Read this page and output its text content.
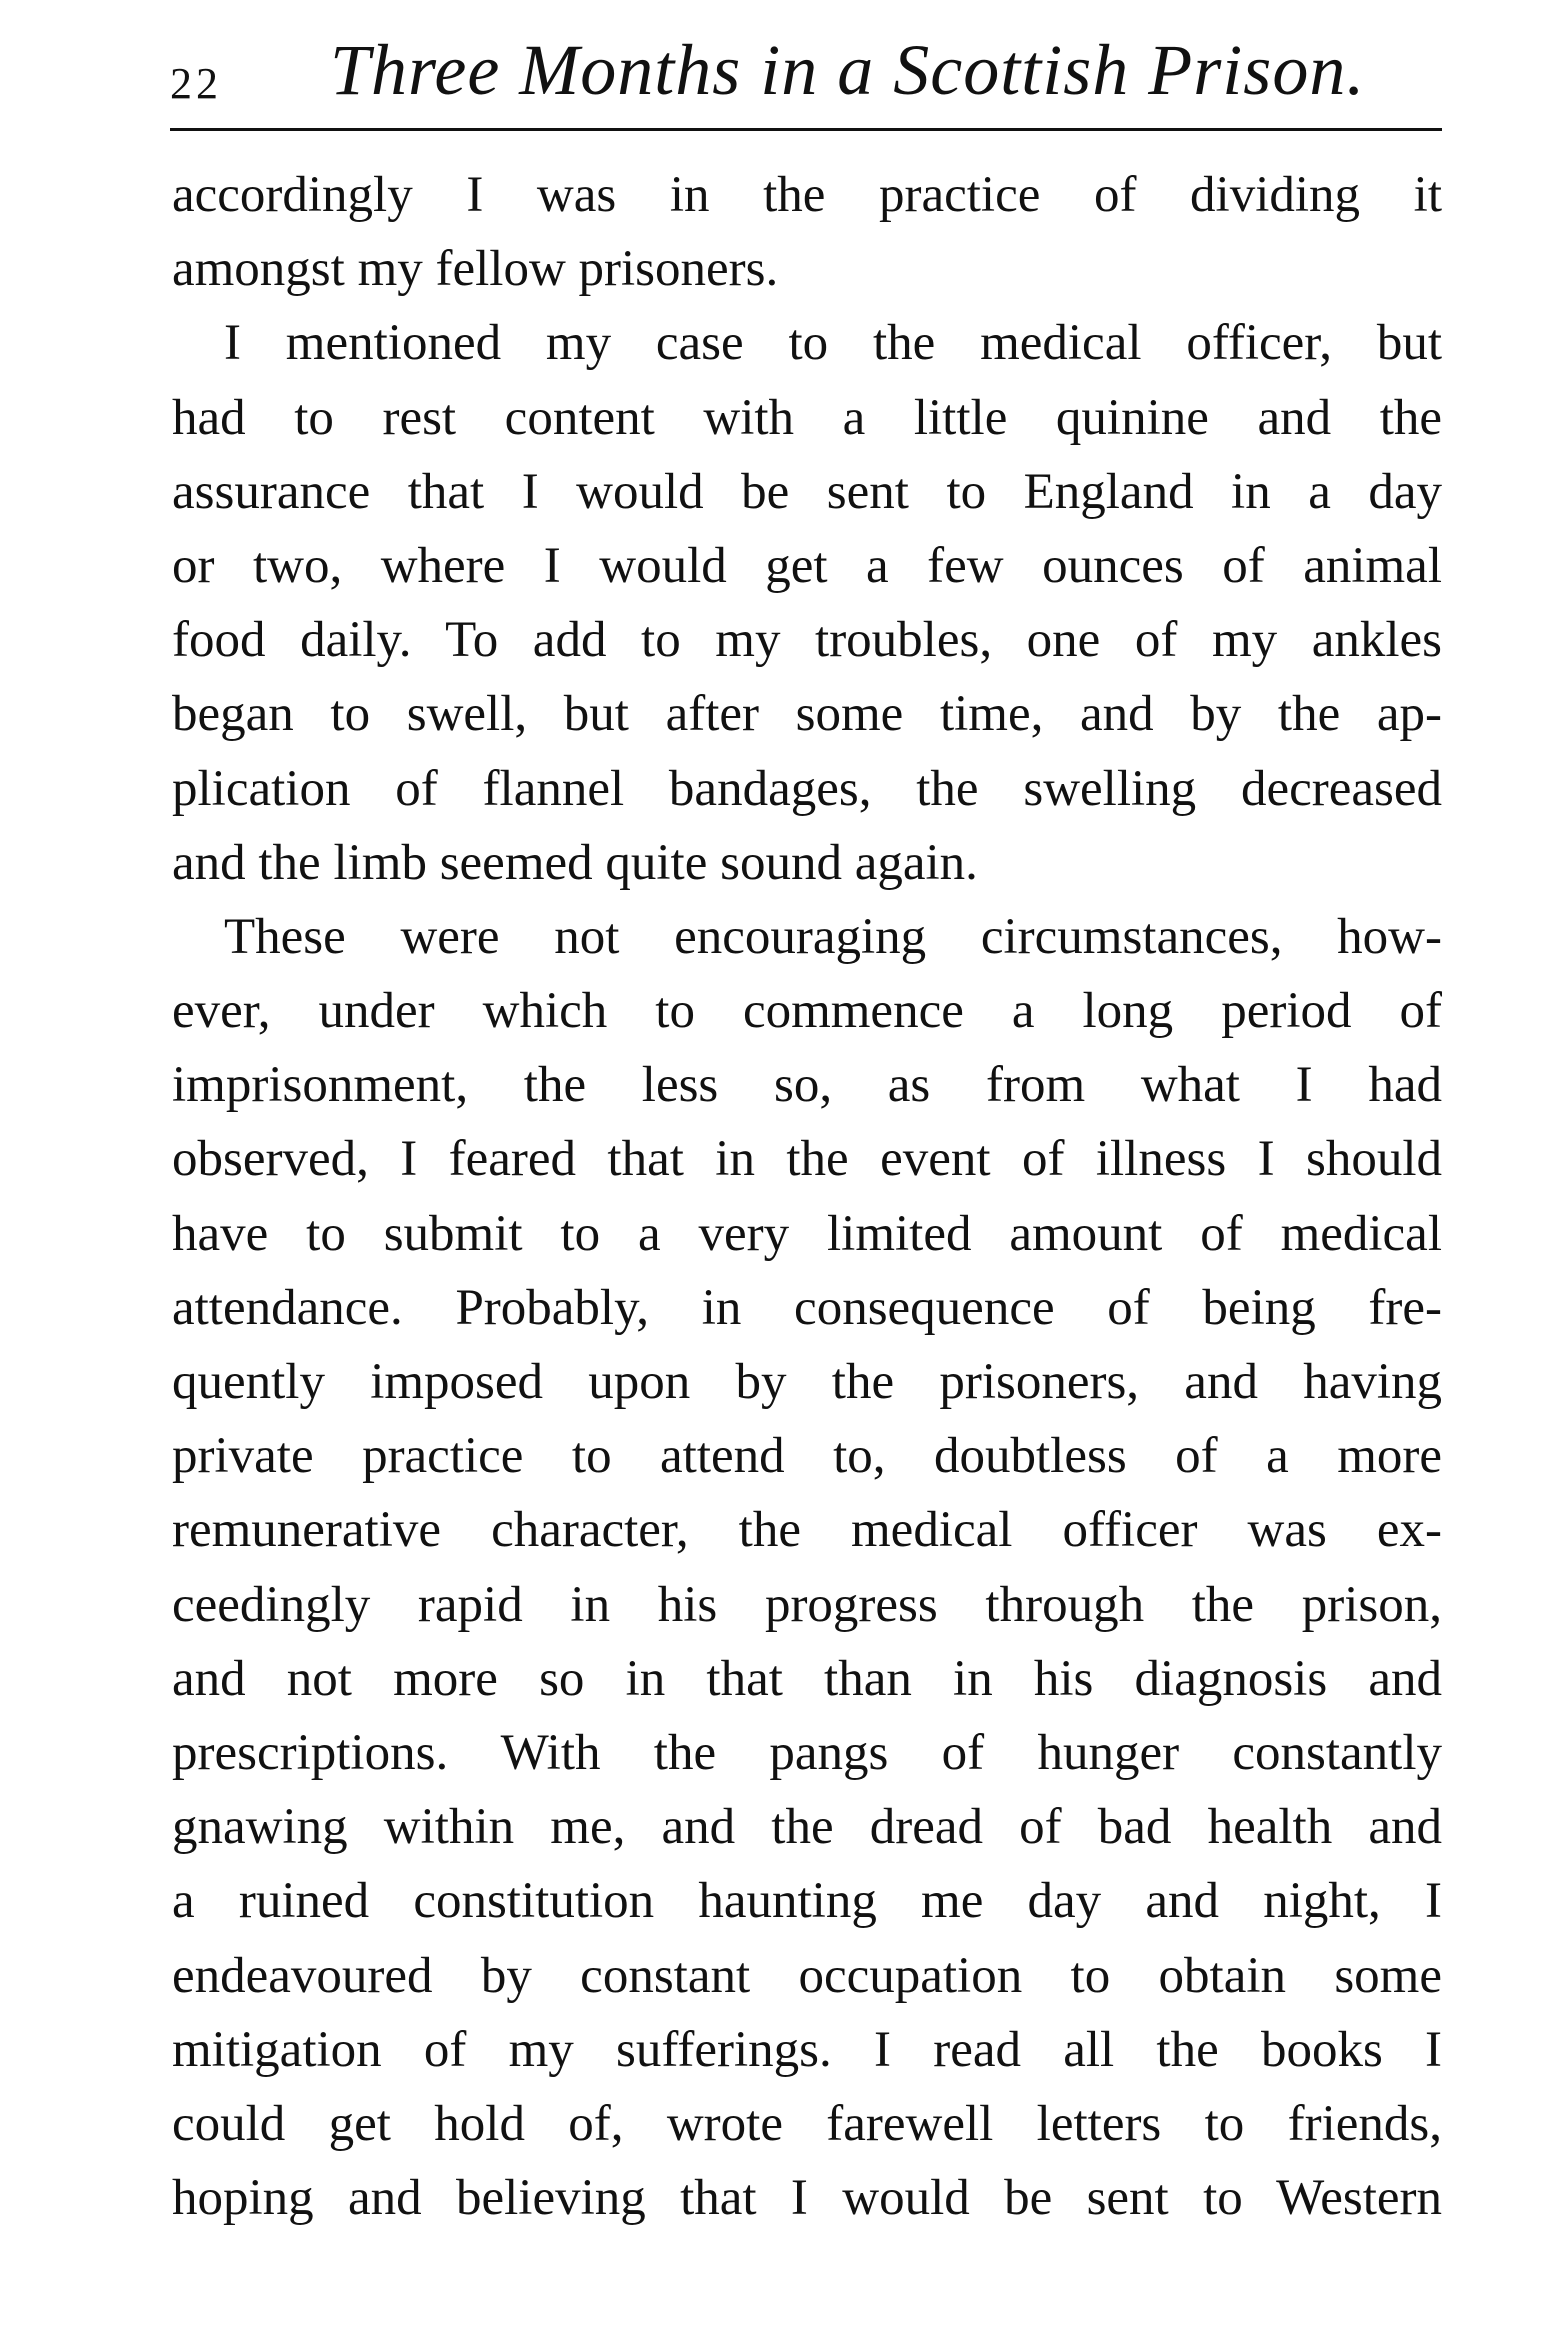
22 Three Months in a Scottish Prison.
accordingly I was in the practice of dividing it
amongst my fellow prisoners.
I mentioned my case to the medical officer, but
had to rest content with a little quinine and the
assurance that I would be sent to England in a day
or two, where I would get a few ounces of animal
food daily. To add to my troubles, one of my ankles
began to swell, but after some time, and by the ap-
plication of flannel bandages, the swelling decreased
and the limb seemed quite sound again.
These were not encouraging circumstances, how-
ever, under which to commence a long period of
imprisonment, the less so, as from what I had
observed, I feared that in the event of illness I should
have to submit to a very limited amount of medical
attendance. Probably, in consequence of being fre-
quently imposed upon by the prisoners, and having
private practice to attend to, doubtless of a more
remunerative character, the medical officer was ex-
ceedingly rapid in his progress through the prison,
and not more so in that than in his diagnosis and
prescriptions. With the pangs of hunger constantly
gnawing within me, and the dread of bad health and
a ruined constitution haunting me day and night, I
endeavoured by constant occupation to obtain some
mitigation of my sufferings. I read all the books I
could get hold of, wrote farewell letters to friends,
hoping and believing that I would be sent to Western
